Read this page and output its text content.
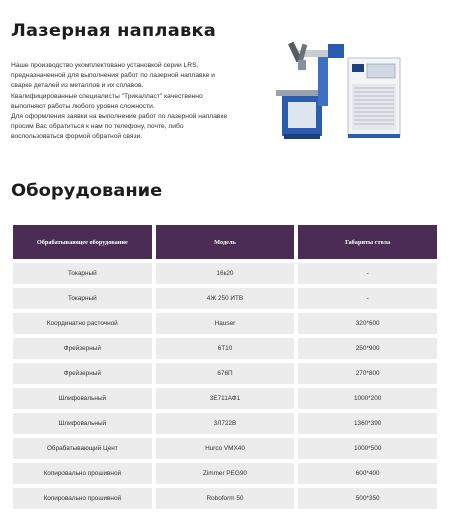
Лазерная наплавка

Наше производство укомплектовано установкой серии LRS, предназначенной для выполнения работ по лазерной наплавке и сварке деталей из металлов и их сплавов.

Квалифицированные специалисты "Трикалласт" качественно выполняют работы любого уровня сложности.

Для оформления заявки на выполнение работ по лазерной наплавке просим Вас обратиться к нам по телефону, почте, либо воспользоваться формой обратной связи.

Оборудование
Обрабатывающее оборудование	Модель	Габариты стола
Токарный	16к20	-
Токарный	4Ж 250 ИТВ	-
Координатно расточной	Hauser	320*600
Фрейзерный	6Т10	250*900
Фрейзерный	676П	270*800
Шлифовальный	3Е711АФ1	1000*200
Шлифовальный	3Л722В	1360*390
Обрабатывающий Цент	Hurco VMX40	1000*500
Копировально прошивной	Zimmer PEG90	600*400
Копировально прошивной	Roboform 50	500*350
